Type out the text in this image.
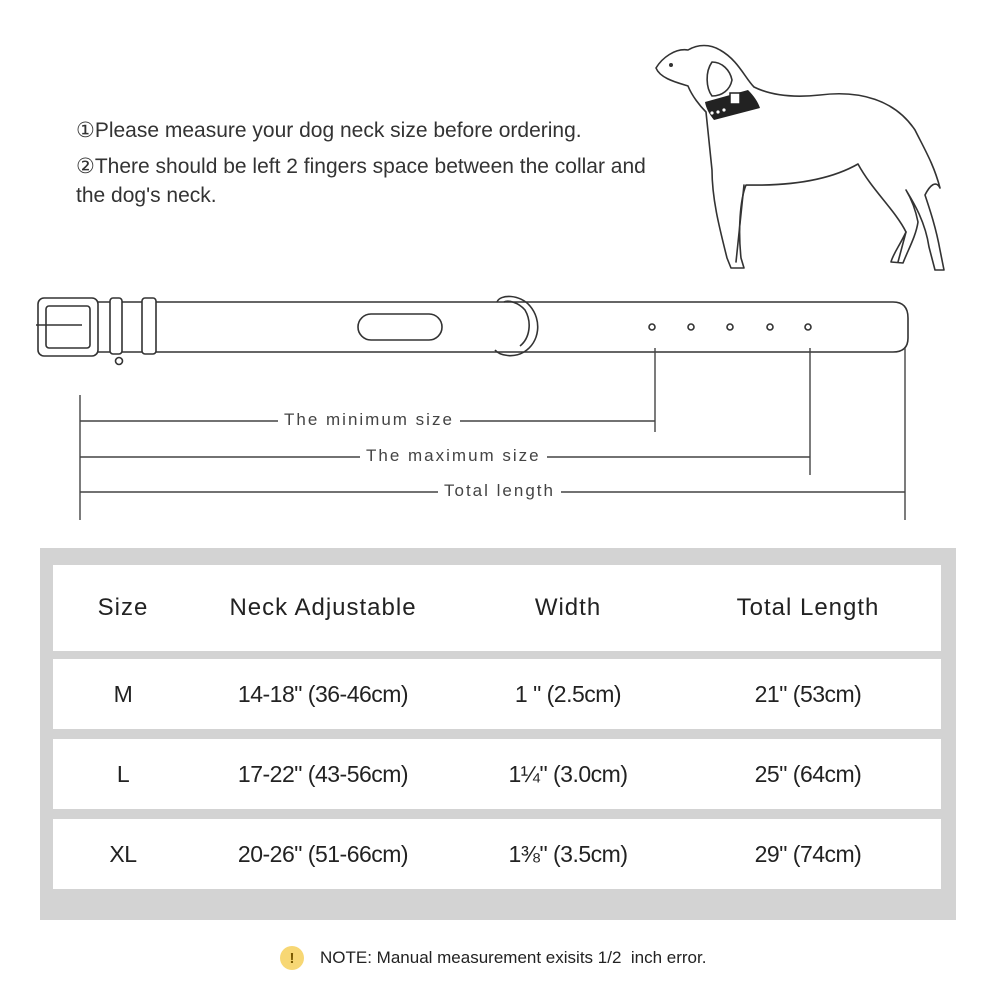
①Please measure your dog neck size before ordering.

②There should be left 2 fingers space between the collar and the dog's neck.

The minimum size
The maximum size
Total length
Size	Neck Adjustable	Width	Total Length
M	14-18" (36-46cm)	1 " (2.5cm)	21" (53cm)
L	17-22" (43-56cm)	1¼" (3.0cm)	25" (64cm)
XL	20-26" (51-66cm)	1⅜" (3.5cm)	29" (74cm)
!	NOTE: Manual measurement exisits 1/2  inch error.
